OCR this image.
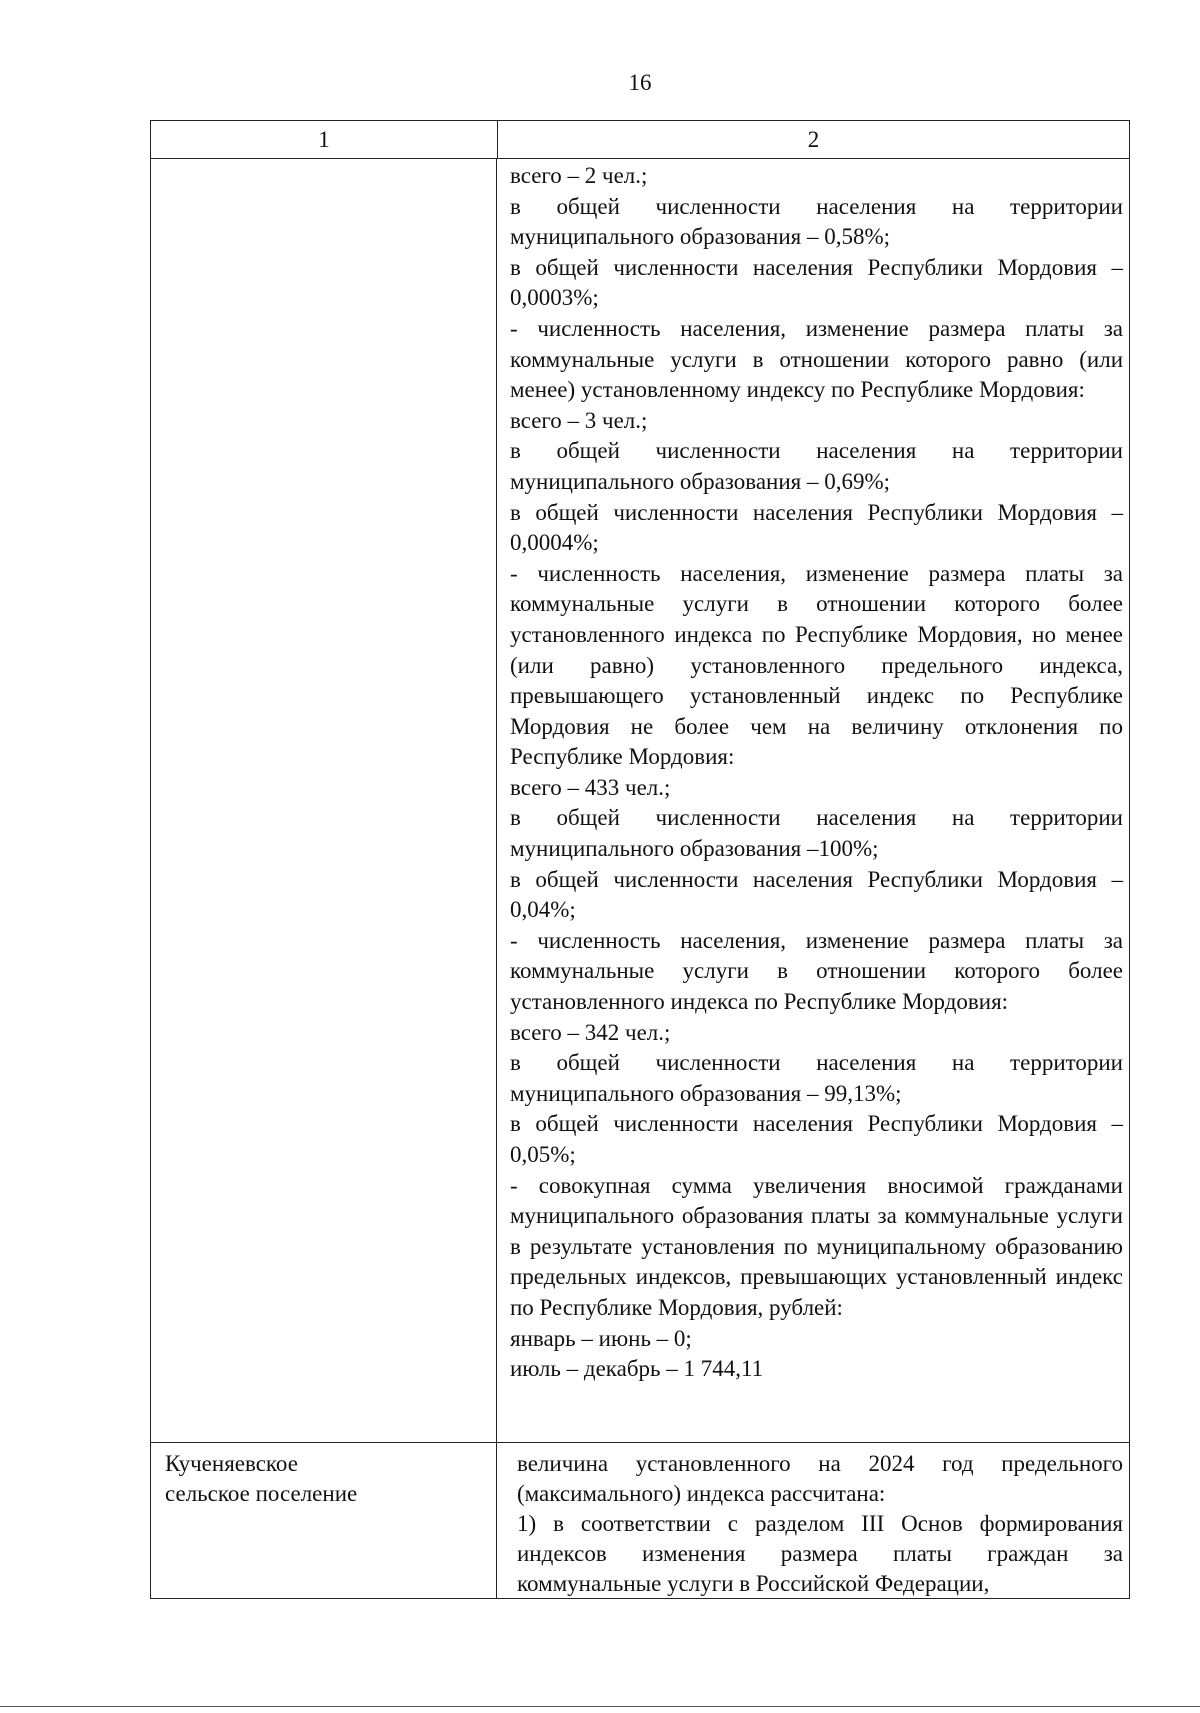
16
1	2
всего – 2 чел.;
в общей численности населения на территории муниципального образования – 0,58%;
в общей численности населения Республики Мордовия – 0,0003%;
- численность населения, изменение размера платы за коммунальные услуги в отношении которого равно (или менее) установленному индексу по Республике Мордовия:
всего – 3 чел.;
в общей численности населения на территории муниципального образования – 0,69%;
в общей численности населения Республики Мордовия – 0,0004%;
- численность населения, изменение размера платы за коммунальные услуги в отношении которого более установленного индекса по Республике Мордовия, но менее (или равно) установленного предельного индекса, превышающего установленный индекс по Республике Мордовия не более чем на величину отклонения по Республике Мордовия:
всего – 433 чел.;
в общей численности населения на территории муниципального образования –100%;
в общей численности населения Республики Мордовия – 0,04%;
- численность населения, изменение размера платы за коммунальные услуги в отношении которого более установленного индекса по Республике Мордовия:
всего – 342 чел.;
в общей численности населения на территории муниципального образования – 99,13%;
в общей численности населения Республики Мордовия – 0,05%;
- совокупная сумма увеличения вносимой гражданами муниципального образования платы за коммунальные услуги в результате установления по муниципальному образованию предельных индексов, превышающих установленный индекс по Республике Мордовия, рублей:
январь – июнь – 0;
июль – декабрь – 1 744,11
Кученяевское
сельское поселение
величина установленного на 2024 год предельного (максимального) индекса рассчитана:
1) в соответствии с разделом III Основ формирования индексов изменения размера платы граждан за коммунальные услуги в Российской Федерации,
